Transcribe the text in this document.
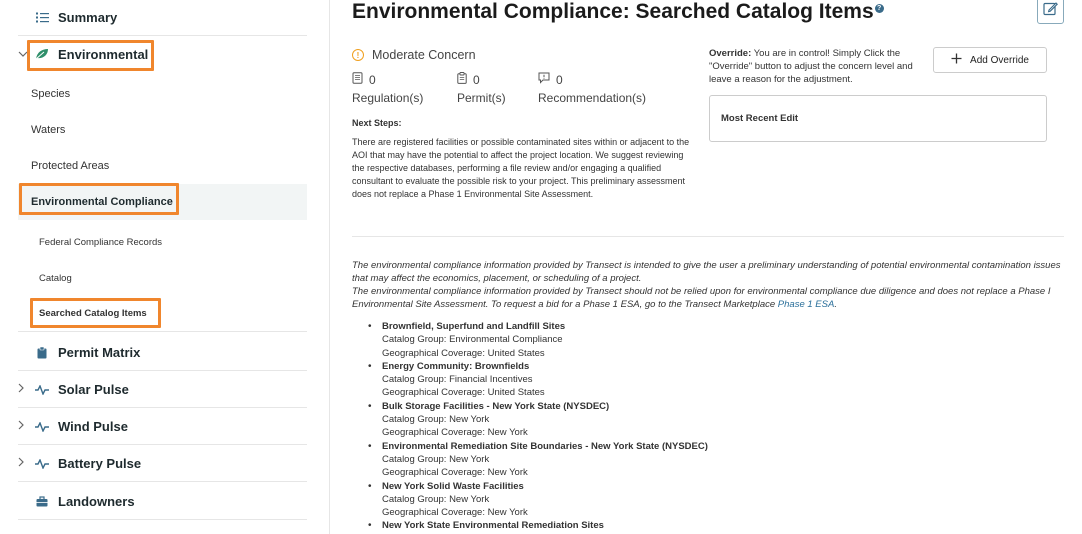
Summary
Environmental
Species
Waters
Protected Areas
Environmental Compliance
Federal Compliance Records
Catalog
Searched Catalog Items
Permit Matrix
Solar Pulse
Wind Pulse
Battery Pulse
Landowners
Environmental Compliance: Searched Catalog Items ?
!	Moderate Concern
0
Regulation(s)
0
Permit(s)
0
Recommendation(s)
Next Steps:
There are registered facilities or possible contaminated sites within or adjacent to the AOI that may have the potential to affect the project location. We suggest reviewing the respective databases, performing a file review and/or engaging a qualified consultant to evaluate the possible risk to your project. This preliminary assessment does not replace a Phase 1 Environmental Site Assessment.
Override: You are in control! Simply Click the "Override" button to adjust the concern level and leave a reason for the adjustment.
Add Override
Most Recent Edit
The environmental compliance information provided by Transect is intended to give the user a preliminary understanding of potential environmental contamination issues that may affect the economics, placement, or scheduling of a project.
The environmental compliance information provided by Transect should not be relied upon for environmental compliance due diligence and does not replace a Phase I Environmental Site Assessment. To request a bid for a Phase 1 ESA, go to the Transect Marketplace Phase 1 ESA.
• Brownfield, Superfund and Landfill Sites
Catalog Group: Environmental Compliance
Geographical Coverage: United States
• Energy Community: Brownfields
Catalog Group: Financial Incentives
Geographical Coverage: United States
• Bulk Storage Facilities - New York State (NYSDEC)
Catalog Group: New York
Geographical Coverage: New York
• Environmental Remediation Site Boundaries - New York State (NYSDEC)
Catalog Group: New York
Geographical Coverage: New York
• New York Solid Waste Facilities
Catalog Group: New York
Geographical Coverage: New York
• New York State Environmental Remediation Sites
